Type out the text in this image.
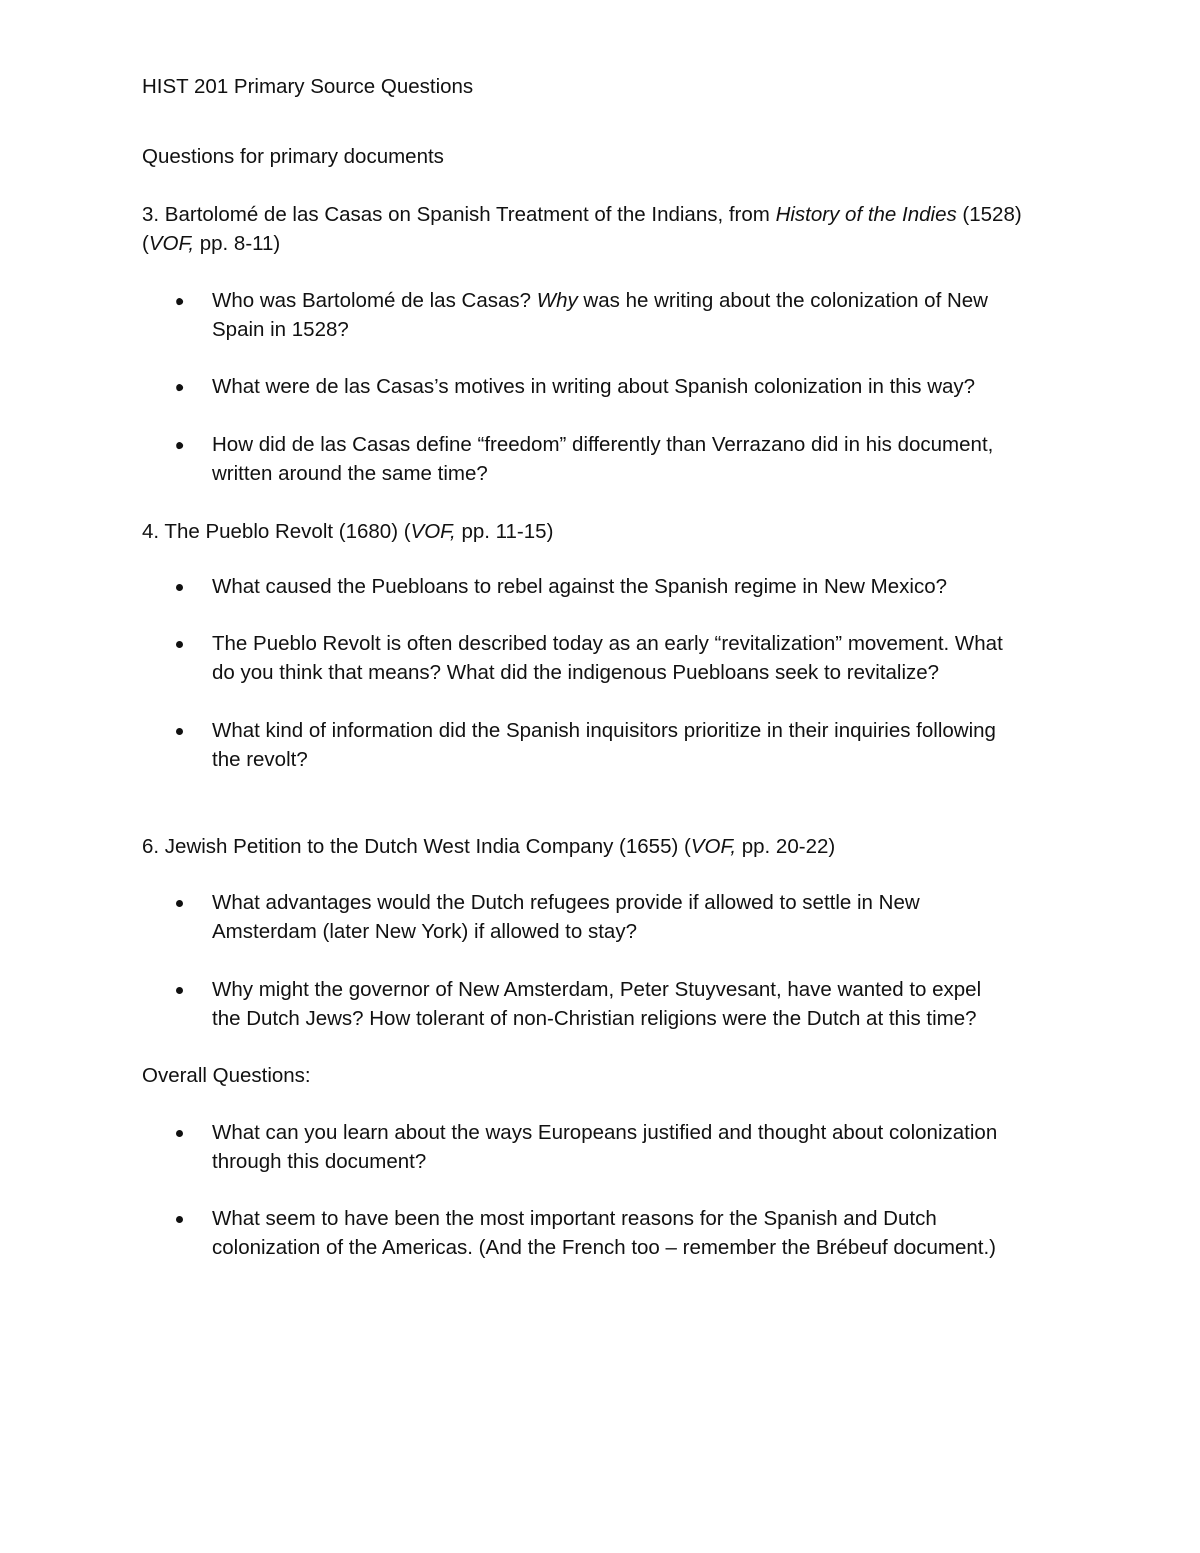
HIST 201 Primary Source Questions
Questions for primary documents
3. Bartolomé de las Casas on Spanish Treatment of the Indians, from History of the Indies (1528)
(VOF, pp. 8-11)
Who was Bartolomé de las Casas? Why was he writing about the colonization of New
Spain in 1528?
What were de las Casas’s motives in writing about Spanish colonization in this way?
How did de las Casas define “freedom” differently than Verrazano did in his document,
written around the same time?
4. The Pueblo Revolt (1680) (VOF, pp. 11-15)
What caused the Puebloans to rebel against the Spanish regime in New Mexico?
The Pueblo Revolt is often described today as an early “revitalization” movement. What
do you think that means? What did the indigenous Puebloans seek to revitalize?
What kind of information did the Spanish inquisitors prioritize in their inquiries following
the revolt?
6. Jewish Petition to the Dutch West India Company (1655) (VOF, pp. 20-22)
What advantages would the Dutch refugees provide if allowed to settle in New
Amsterdam (later New York) if allowed to stay?
Why might the governor of New Amsterdam, Peter Stuyvesant, have wanted to expel
the Dutch Jews? How tolerant of non-Christian religions were the Dutch at this time?
Overall Questions:
What can you learn about the ways Europeans justified and thought about colonization
through this document?
What seem to have been the most important reasons for the Spanish and Dutch
colonization of the Americas. (And the French too – remember the Brébeuf document.)
